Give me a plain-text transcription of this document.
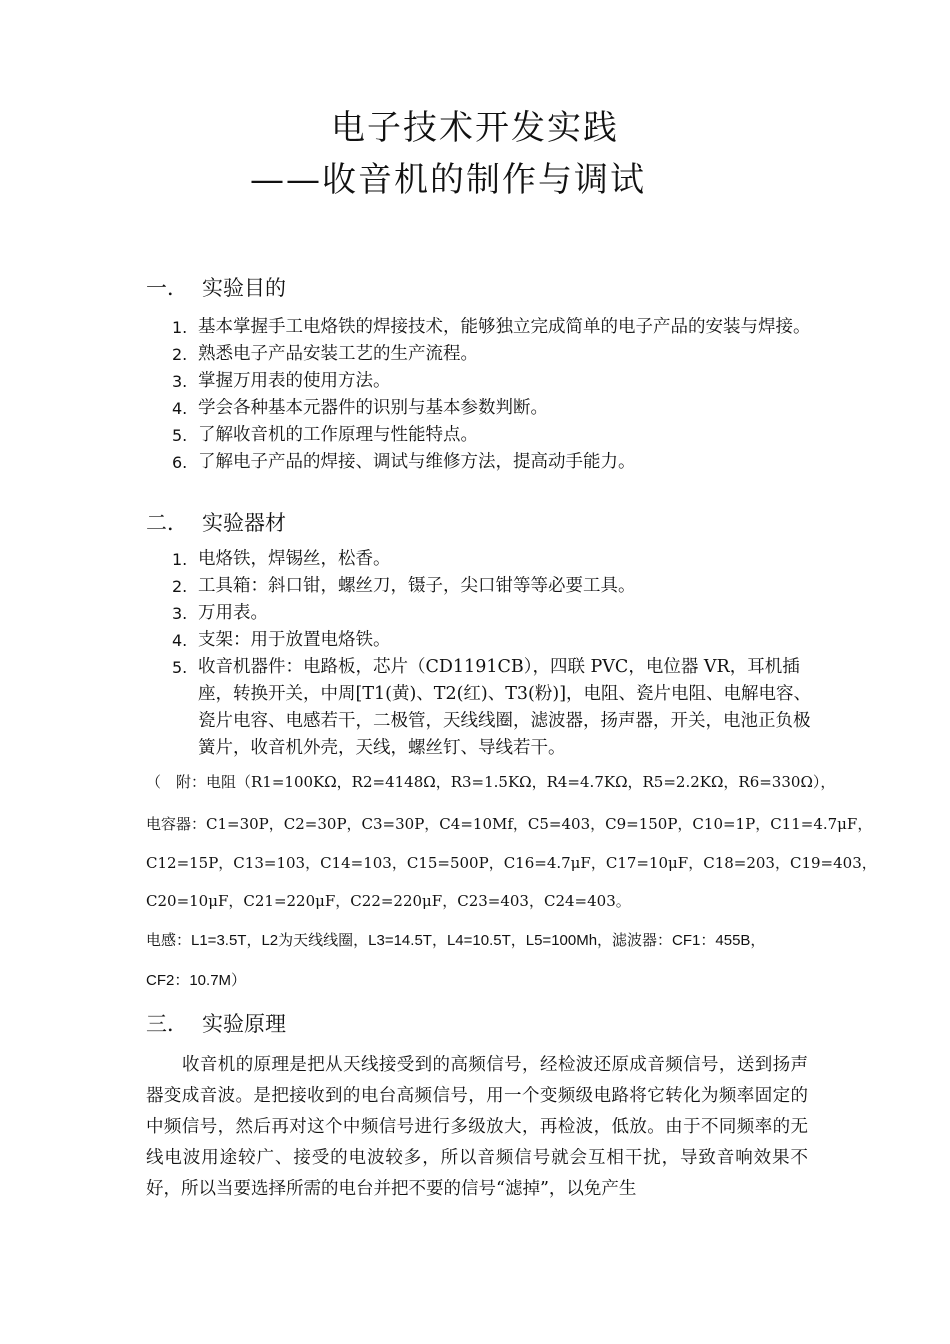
电子技术开发实践
——收音机的制作与调试
一． 实验目的
1. 基本掌握手工电烙铁的焊接技术，能够独立完成简单的电子产品的安装与焊接。
2. 熟悉电子产品安装工艺的生产流程。
3. 掌握万用表的使用方法。
4. 学会各种基本元器件的识别与基本参数判断。
5. 了解收音机的工作原理与性能特点。
6. 了解电子产品的焊接、调试与维修方法，提高动手能力。
二． 实验器材
1. 电烙铁，焊锡丝，松香。
2. 工具箱：斜口钳，螺丝刀，镊子，尖口钳等等必要工具。
3. 万用表。
4. 支架：用于放置电烙铁。
5. 收音机器件：电路板，芯片（CD1191CB），四联 PVC，电位器 VR，耳机插座，转换开关，中周[T1(黄)、T2(红)、T3(粉)]，电阻、瓷片电阻、电解电容、瓷片电容、电感若干，二极管，天线线圈，滤波器，扬声器，开关，电池正负极簧片，收音机外壳，天线，螺丝钉、导线若干。
（　附：电阻（R1=100KΩ，R2=4148Ω，R3=1.5KΩ，R4=4.7KΩ，R5=2.2KΩ，R6=330Ω），
电容器：C1=30P，C2=30P，C3=30P，C4=10Mf，C5=403，C9=150P，C10=1P，C11=4.7μF，
C12=15P，C13=103，C14=103，C15=500P，C16=4.7μF，C17=10μF，C18=203，C19=403，
C20=10μF，C21=220μF，C22=220μF，C23=403，C24=403。
电感：L1=3.5T，L2为天线线圈，L3=14.5T，L4=10.5T，L5=100Mh，滤波器：CF1：455B，
CF2：10.7M）
三． 实验原理

收音机的原理是把从天线接受到的高频信号，经检波还原成音频信号，送到扬声器变成音波。是把接收到的电台高频信号，用一个变频级电路将它转化为频率固定的中频信号，然后再对这个中频信号进行多级放大，再检波，低放。由于不同频率的无线电波用途较广、接受的电波较多，所以音频信号就会互相干扰，导致音响效果不好，所以当要选择所需的电台并把不要的信号“滤掉”，以免产生
